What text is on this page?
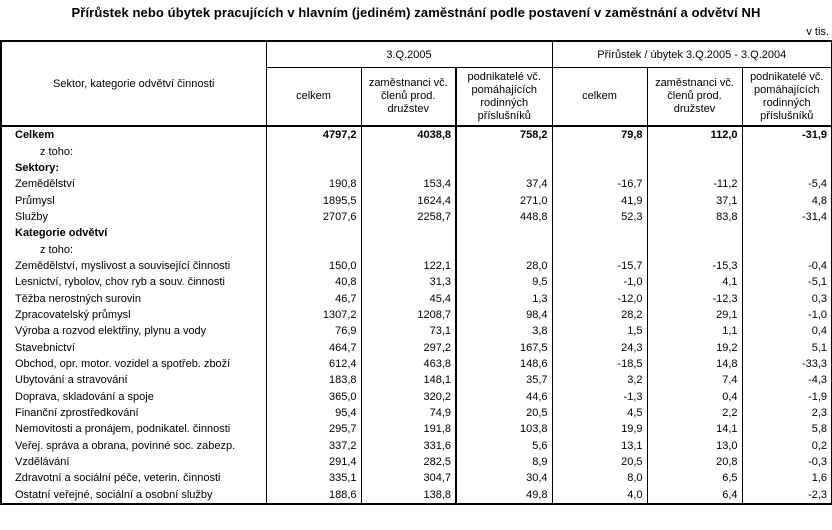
Přírůstek nebo úbytek pracujících v hlavním (jediném) zaměstnání podle postavení v zaměstnání a odvětví NH
v tis.
Sektor, kategorie odvětví činnosti	3.Q.2005			Přírůstek / úbytek 3.Q.2005 - 3.Q.2004		
	celkem	zaměstnanci vč. členů prod. družstev	podnikatelé vč. pomáhajících rodinných příslušníků	celkem	zaměstnanci vč. členů prod. družstev	podnikatelé vč. pomáhajících rodinných příslušníků
Celkem	4797,2	4038,8	758,2	79,8	112,0	-31,9
z toho:						
Sektory:						
Zemědělství	190,8	153,4	37,4	-16,7	-11,2	-5,4
Průmysl	1895,5	1624,4	271,0	41,9	37,1	4,8
Služby	2707,6	2258,7	448,8	52,3	83,8	-31,4
Kategorie odvětví						
z toho:						
Zemědělství, myslivost a související činnosti	150,0	122,1	28,0	-15,7	-15,3	-0,4
Lesnictví, rybolov, chov ryb a souv. činnosti	40,8	31,3	9,5	-1,0	4,1	-5,1
Těžba nerostných surovin	46,7	45,4	1,3	-12,0	-12,3	0,3
Zpracovatelský průmysl	1307,2	1208,7	98,4	28,2	29,1	-1,0
Výroba a rozvod elektřiny, plynu a vody	76,9	73,1	3,8	1,5	1,1	0,4
Stavebnictví	464,7	297,2	167,5	24,3	19,2	5,1
Obchod, opr. motor. vozidel a spotřeb. zboží	612,4	463,8	148,6	-18,5	14,8	-33,3
Ubytování a stravování	183,8	148,1	35,7	3,2	7,4	-4,3
Doprava, skladování a spoje	365,0	320,2	44,6	-1,3	0,4	-1,9
Finanční zprostředkování	95,4	74,9	20,5	4,5	2,2	2,3
Nemovitosti a pronájem, podnikatel. činnosti	295,7	191,8	103,8	19,9	14,1	5,8
Veřej. správa a obrana, povinné soc. zabezp.	337,2	331,6	5,6	13,1	13,0	0,2
Vzdělávání	291,4	282,5	8,9	20,5	20,8	-0,3
Zdravotní a sociální péče, veterin. činnosti	335,1	304,7	30,4	8,0	6,5	1,6
Ostatní veřejné, sociální a osobní služby	188,6	138,8	49,8	4,0	6,4	-2,3
